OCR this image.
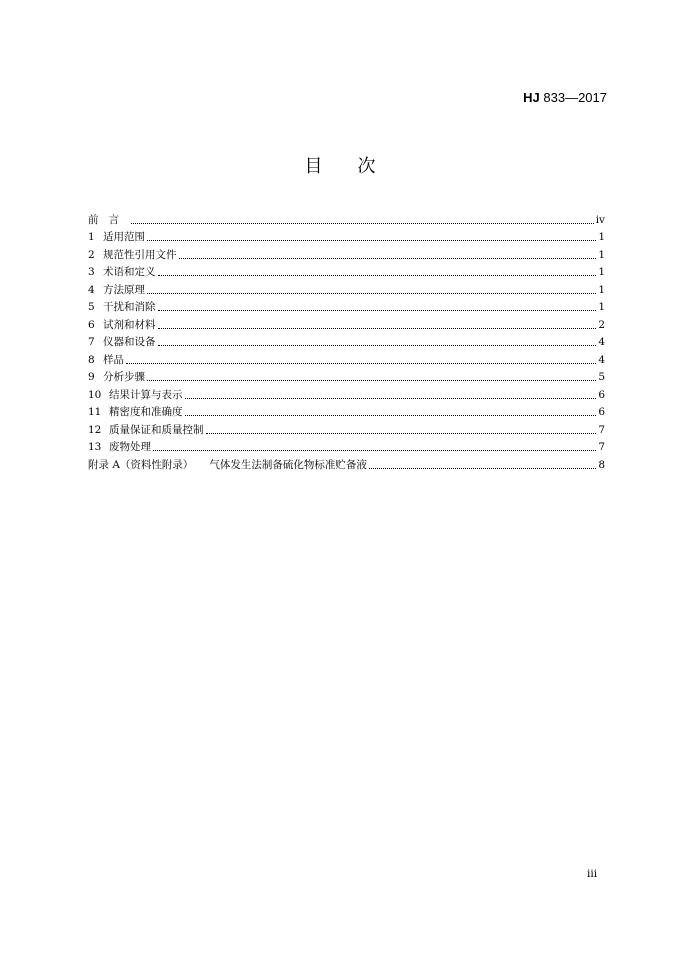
HJ 833—2017
目 次
前言	iv
1 适用范围	1
2 规范性引用文件	1
3 术语和定义	1
4 方法原理	1
5 干扰和消除	1
6 试剂和材料	2
7 仪器和设备	4
8 样品	4
9 分析步骤	5
10 结果计算与表示	6
11 精密度和准确度	6
12 质量保证和质量控制	7
13 废物处理	7
附录 A（资料性附录） 气体发生法制备硫化物标准贮备液	8
iii
